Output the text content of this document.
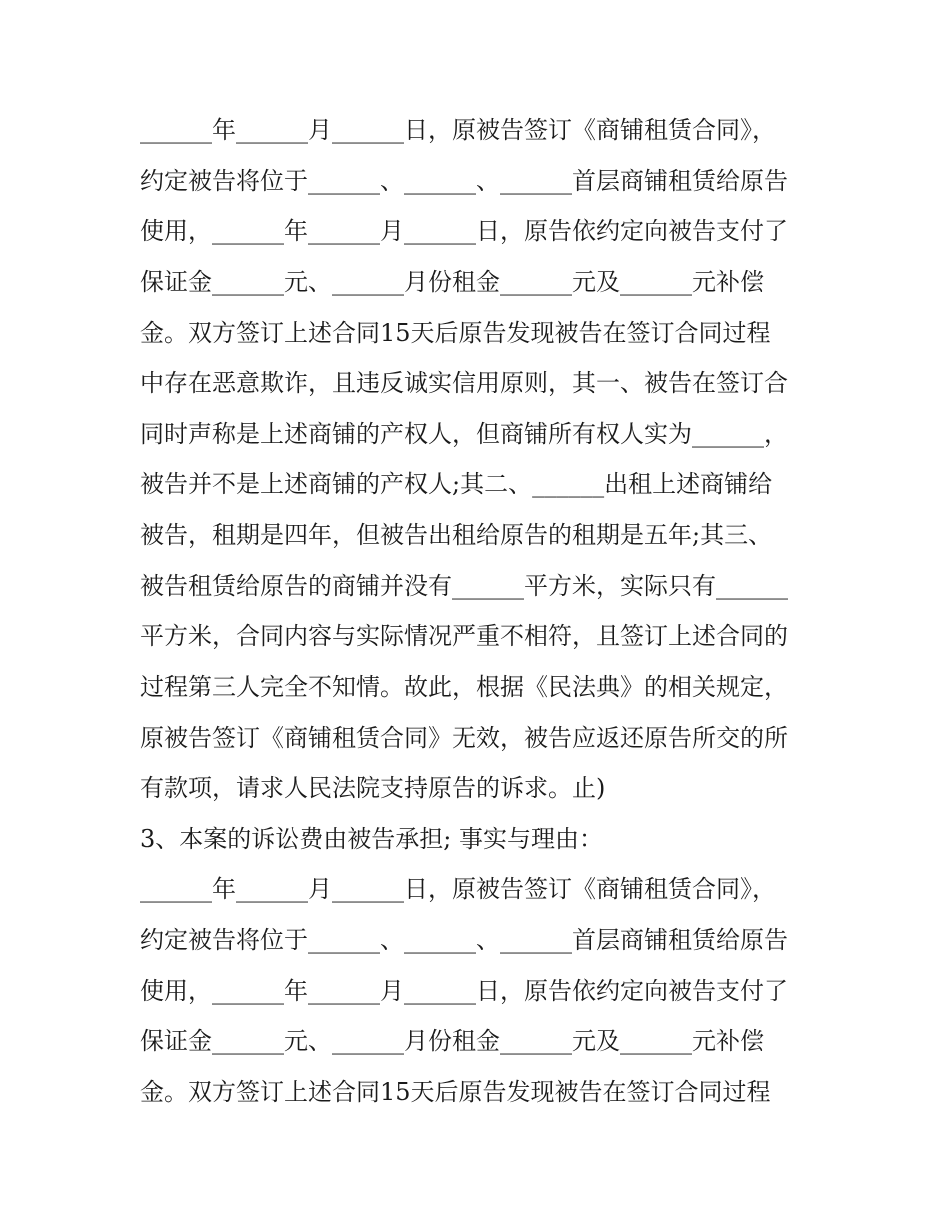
______年______月______日，原被告签订《商铺租赁合同》，
约定被告将位于______、______、______首层商铺租赁给原告
使用，______年______月______日，原告依约定向被告支付了
保证金______元、______月份租金______元及______元补偿
金。双方签订上述合同15天后原告发现被告在签订合同过程
中存在恶意欺诈，且违反诚实信用原则，其一、被告在签订合
同时声称是上述商铺的产权人，但商铺所有权人实为______，
被告并不是上述商铺的产权人;其二、______出租上述商铺给
被告，租期是四年，但被告出租给原告的租期是五年;其三、
被告租赁给原告的商铺并没有______平方米，实际只有______
平方米，合同内容与实际情况严重不相符，且签订上述合同的
过程第三人完全不知情。故此，根据《民法典》的相关规定，
原被告签订《商铺租赁合同》无效，被告应返还原告所交的所
有款项，请求人民法院支持原告的诉求。止)
3、本案的诉讼费由被告承担; 事实与理由：
______年______月______日，原被告签订《商铺租赁合同》，
约定被告将位于______、______、______首层商铺租赁给原告
使用，______年______月______日，原告依约定向被告支付了
保证金______元、______月份租金______元及______元补偿
金。双方签订上述合同15天后原告发现被告在签订合同过程
